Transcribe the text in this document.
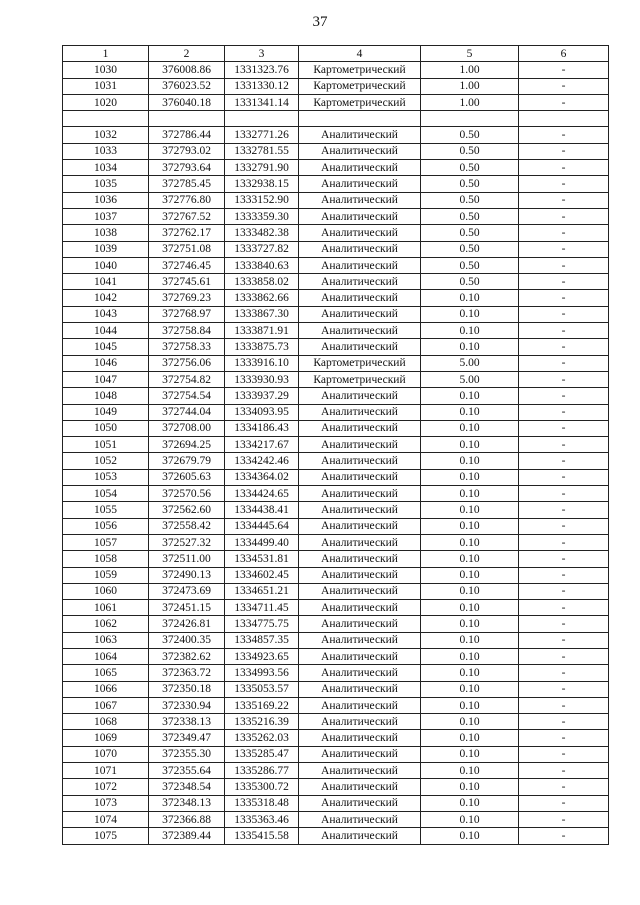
37
1	2	3	4	5	6
1030	376008.86	1331323.76	Картометрический	1.00	-
1031	376023.52	1331330.12	Картометрический	1.00	-
1020	376040.18	1331341.14	Картометрический	1.00	-

1032	372786.44	1332771.26	Аналитический	0.50	-
1033	372793.02	1332781.55	Аналитический	0.50	-
1034	372793.64	1332791.90	Аналитический	0.50	-
1035	372785.45	1332938.15	Аналитический	0.50	-
1036	372776.80	1333152.90	Аналитический	0.50	-
1037	372767.52	1333359.30	Аналитический	0.50	-
1038	372762.17	1333482.38	Аналитический	0.50	-
1039	372751.08	1333727.82	Аналитический	0.50	-
1040	372746.45	1333840.63	Аналитический	0.50	-
1041	372745.61	1333858.02	Аналитический	0.50	-
1042	372769.23	1333862.66	Аналитический	0.10	-
1043	372768.97	1333867.30	Аналитический	0.10	-
1044	372758.84	1333871.91	Аналитический	0.10	-
1045	372758.33	1333875.73	Аналитический	0.10	-
1046	372756.06	1333916.10	Картометрический	5.00	-
1047	372754.82	1333930.93	Картометрический	5.00	-
1048	372754.54	1333937.29	Аналитический	0.10	-
1049	372744.04	1334093.95	Аналитический	0.10	-
1050	372708.00	1334186.43	Аналитический	0.10	-
1051	372694.25	1334217.67	Аналитический	0.10	-
1052	372679.79	1334242.46	Аналитический	0.10	-
1053	372605.63	1334364.02	Аналитический	0.10	-
1054	372570.56	1334424.65	Аналитический	0.10	-
1055	372562.60	1334438.41	Аналитический	0.10	-
1056	372558.42	1334445.64	Аналитический	0.10	-
1057	372527.32	1334499.40	Аналитический	0.10	-
1058	372511.00	1334531.81	Аналитический	0.10	-
1059	372490.13	1334602.45	Аналитический	0.10	-
1060	372473.69	1334651.21	Аналитический	0.10	-
1061	372451.15	1334711.45	Аналитический	0.10	-
1062	372426.81	1334775.75	Аналитический	0.10	-
1063	372400.35	1334857.35	Аналитический	0.10	-
1064	372382.62	1334923.65	Аналитический	0.10	-
1065	372363.72	1334993.56	Аналитический	0.10	-
1066	372350.18	1335053.57	Аналитический	0.10	-
1067	372330.94	1335169.22	Аналитический	0.10	-
1068	372338.13	1335216.39	Аналитический	0.10	-
1069	372349.47	1335262.03	Аналитический	0.10	-
1070	372355.30	1335285.47	Аналитический	0.10	-
1071	372355.64	1335286.77	Аналитический	0.10	-
1072	372348.54	1335300.72	Аналитический	0.10	-
1073	372348.13	1335318.48	Аналитический	0.10	-
1074	372366.88	1335363.46	Аналитический	0.10	-
1075	372389.44	1335415.58	Аналитический	0.10	-
